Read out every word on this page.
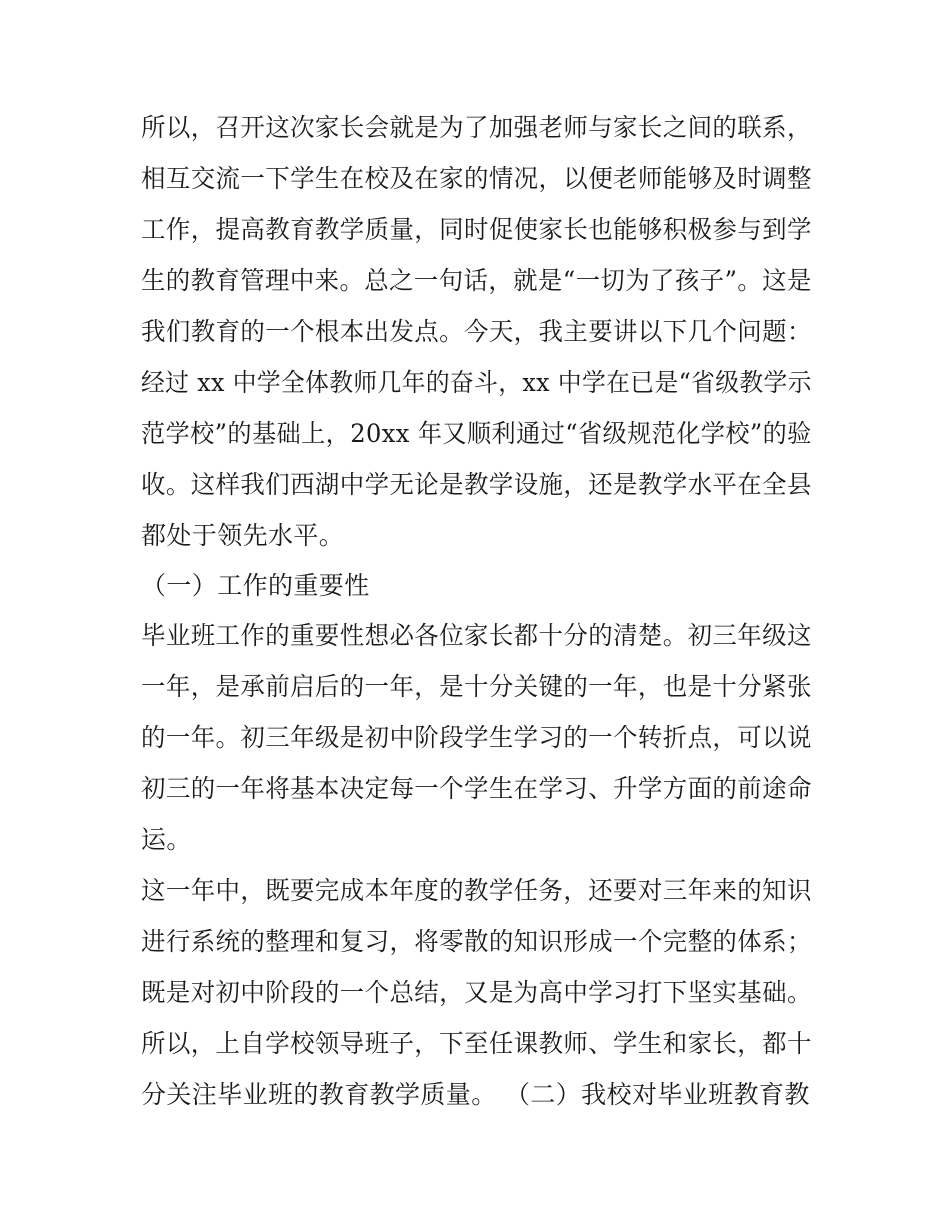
所以，召开这次家长会就是为了加强老师与家长之间的联系，
相互交流一下学生在校及在家的情况，以便老师能够及时调整
工作，提高教育教学质量，同时促使家长也能够积极参与到学
生的教育管理中来。总之一句话，就是“一切为了孩子”。这是
我们教育的一个根本出发点。今天，我主要讲以下几个问题：
经过 xx 中学全体教师几年的奋斗，xx 中学在已是“省级教学示
范学校”的基础上，20xx 年又顺利通过“省级规范化学校”的验
收。这样我们西湖中学无论是教学设施，还是教学水平在全县
都处于领先水平。
（一）工作的重要性
毕业班工作的重要性想必各位家长都十分的清楚。初三年级这
一年，是承前启后的一年，是十分关键的一年，也是十分紧张
的一年。初三年级是初中阶段学生学习的一个转折点，可以说
初三的一年将基本决定每一个学生在学习、升学方面的前途命
运。
这一年中，既要完成本年度的教学任务，还要对三年来的知识
进行系统的整理和复习，将零散的知识形成一个完整的体系；
既是对初中阶段的一个总结，又是为高中学习打下坚实基础。
所以，上自学校领导班子，下至任课教师、学生和家长，都十
分关注毕业班的教育教学质量。 （二）我校对毕业班教育教
